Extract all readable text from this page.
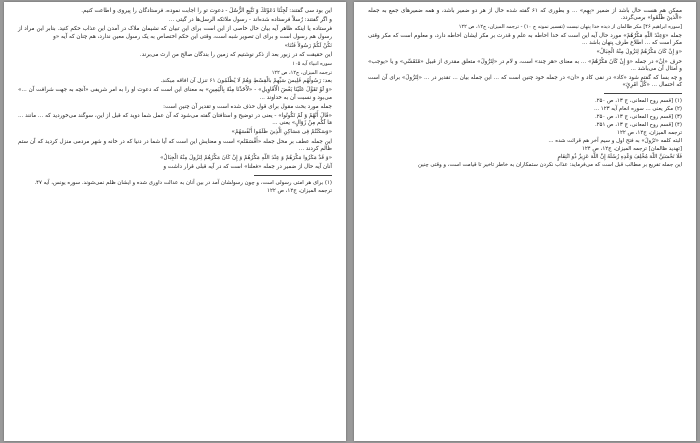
این بود سی گفتند: لَجِئْنَا دَعَوْتَكَ وَ نَتَّبِعِ الرُّسُلَ - دعوت تو را اجابت نموده، فرستادگان را پیروی و اطاعت کنیم.

و اگر گفتند: رُسلاً فرستاده شده‌اند - رسول ملائکه الرسل‌ها در گیتی ...

فرستاده یا اینکه ظاهر آیه بیان حال خاصی از این است برای این تبیان که نشیمان ملاک در آمدن این عذاب حکم کنید. بنابر این مراد از رسول هم رسول است و برای ان تصویر شبه است، وقتی این حکم اختصاص به یک رسول معین ندارد، هم چنان که آیه «و

تَكُنْ لَكُمْ رَسُولاً فَتُنَا»

این حقیقت که در زبور بعد از ذکر نوشتیم که زمین را بندگان صالح من ارث می‌برند.

سوره انبیاء آیه ۱۰۵

ترجمه المیزان، ج۱۲، ص ۱۲۲

بعد: رَسُولُهُم قَلِیسَ سَیِّهِمْ بالْقِسْطِ وَهُمْ لَا یُظْلَمُونَ ۶۱ تنزل آن افاقه میکند.

«وَ لَوْ تَقَوَّلَ عَلَیْنَا بَعْضَ الْأَقَاوِیلِ» - «لَأَخَذْنَا مِنْهُ بِالْیَمِینِ» به معنای این است که دعوت او را به امر شریفی «آنچه به جهت شرافت آن ...» می‌بود و نسبت آن به خداوند ...

جمله مورد بحث مقول برای قول حذف شده است و تقدیر آن چنین است:

«قَالَ أَنْهُمْ وَ لَمْ تَكُونُوا» - یعنی در توضیح و استافتان گفته می‌شود که آن عمل شما دوید که قبل از این، سوگند می‌خوردید که ... مانند ... مَا لَكُم مِنْ زَوَالٍ» یعنی ...

«وَسَكَنْتُمْ فِی مَسَاكِنِ الَّذِینَ ظَلَمُوا أَنْفُسَهُمْ»

این جمله عطف بر محل جمله «أَقْسَمْتُم» است و معنایش این است که آیا شما در دنیا که در خانه و شهر مردمی منزل کردید که آن ستم ظالم کردند ...

«وَ قَدْ مَكَرُوا مَكْرَهُمْ وَ عِنْدَ اللّهِ مَكْرُهُمْ وَ إِنْ كَانَ مَكْرُهُمْ لِتَزُولَ مِنْهُ الْجِبَالُ»

آنان آیه حال از ضمیر در جمله «فعلنا» است که در آیه قبلی قرار داشت و

(۱) برای هر امتی رسولی است، و چون رسولشان آمد در بین آنان به عدالت داوری شده و ایشان ظلم نمی‌شوند. سوره یونس، آیه ۴۷.

ترجمه المیزان، ج۱۲، ص ۱۲۲

ممکن هم هست حال باشد از ضمیر «بِهِم» ... و بطوری که ۶۱ گفته شده حال از هر دو ضمیر باشد، و همه ضمیرهای جمع به جمله «الّذینَ ظَلَمُوا» برمی‌گردد.

[سوره ابراهیم ۴۶] مکر ظالمان از دیده خدا پنهان نیست (تفسیر نمونه ج ۱۰) - ترجمه المیزان، ج۱۲، ص ۱۲۲

جمله «وَعِنْدَ اللّهِ مَكْرُهُمْ» مورد حال آیه این است که خدا احاطه به علم و قدرت بر مکر ایشان احاطه دارد، و معلوم است که مکر وقتی مکر است که ... اطلاع طرف پنهان باشد ...

«وَ إِنْ كَانَ مَكْرُهُمْ لِتَزُولَ مِنْهُ الْجِبَالُ»

حرف «اِنْ» در جمله «وَ إِنْ كَانَ مَكْرُهُمْ» ... به معنای «هر چند» است، و لام در «لِتَزُولَ» متعلق مقدری از قبیل «مُتَقَسِّي» و یا «یوجب» و امثال آن می‌باشد ...

و چه بسا که گفته شود «کاد» در نفی کاد و «ان» در جمله خود چنین است که ... این جمله بیان ... تقدیر در ... «لِتَزُولَ» برای آن است که احتمال ... «كُلُّ امْرِئٍ»

(۱) [قسم روح المعانی، ج ۱۳، ص ۲۵۰.

(۲) مکر یعنی ... سوره انعام آیه ۱۲۳ ...

(۳) [قسم روح المعانی، ج ۱۳، ص ۲۵۰.

(۴) [قسم روح المعانی، ج ۱۳، ص ۲۵۱.

ترجمه المیزان، ج۱۲، ص ۱۲۲

البته کلمه «تَزُولَ» به فتح اول و سیم آخر هم قرائت شده ...

[تهدید ظالمان] ترجمه المیزان، ج۱۲، ص ۱۲۴

فَلَا تَحْسَبَنَّ اللّهَ مُخْلِفَ وَعْدِهِ رُسُلَهُ إِنَّ اللّهَ عَزِیزٌ ذُو انْتِقَامٍ

این جمله تفریع بر مطالب قبل است که می‌فرماید: عذاب نکردن ستمکاران به خاطر تاخیر تا قیامت است، و وقتی چنین
